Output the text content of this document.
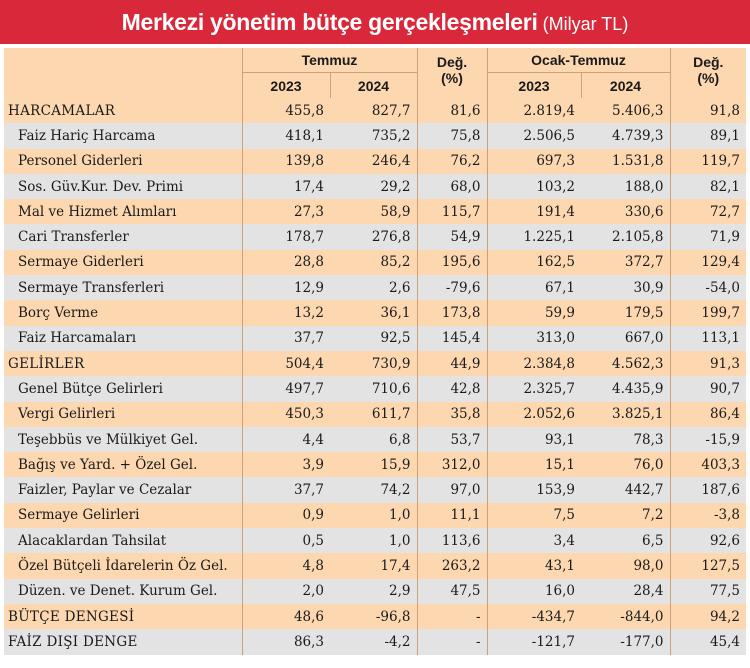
Merkezi yönetim bütçe gerçekleşmeleri (Milyar TL)
	Temmuz		Değ.
(%)	Ocak-Temmuz		Değ.
(%)
	2023	2024		2023	2024	
HARCAMALAR	455,8	827,7	81,6	2.819,4	5.406,3	91,8
Faiz Hariç Harcama	418,1	735,2	75,8	2.506,5	4.739,3	89,1
Personel Giderleri	139,8	246,4	76,2	697,3	1.531,8	119,7
Sos. Güv.Kur. Dev. Primi	17,4	29,2	68,0	103,2	188,0	82,1
Mal ve Hizmet Alımları	27,3	58,9	115,7	191,4	330,6	72,7
Cari Transferler	178,7	276,8	54,9	1.225,1	2.105,8	71,9
Sermaye Giderleri	28,8	85,2	195,6	162,5	372,7	129,4
Sermaye Transferleri	12,9	2,6	-79,6	67,1	30,9	-54,0
Borç Verme	13,2	36,1	173,8	59,9	179,5	199,7
Faiz Harcamaları	37,7	92,5	145,4	313,0	667,0	113,1
GELİRLER	504,4	730,9	44,9	2.384,8	4.562,3	91,3
Genel Bütçe Gelirleri	497,7	710,6	42,8	2.325,7	4.435,9	90,7
Vergi Gelirleri	450,3	611,7	35,8	2.052,6	3.825,1	86,4
Teşebbüs ve Mülkiyet Gel.	4,4	6,8	53,7	93,1	78,3	-15,9
Bağış ve Yard. + Özel Gel.	3,9	15,9	312,0	15,1	76,0	403,3
Faizler, Paylar ve Cezalar	37,7	74,2	97,0	153,9	442,7	187,6
Sermaye Gelirleri	0,9	1,0	11,1	7,5	7,2	-3,8
Alacaklardan Tahsilat	0,5	1,0	113,6	3,4	6,5	92,6
Özel Bütçeli İdarelerin Öz Gel.	4,8	17,4	263,2	43,1	98,0	127,5
Düzen. ve Denet. Kurum Gel.	2,0	2,9	47,5	16,0	28,4	77,5
BÜTÇE DENGESİ	48,6	-96,8	-	-434,7	-844,0	94,2
FAİZ DIŞI DENGE	86,3	-4,2	-	-121,7	-177,0	45,4
